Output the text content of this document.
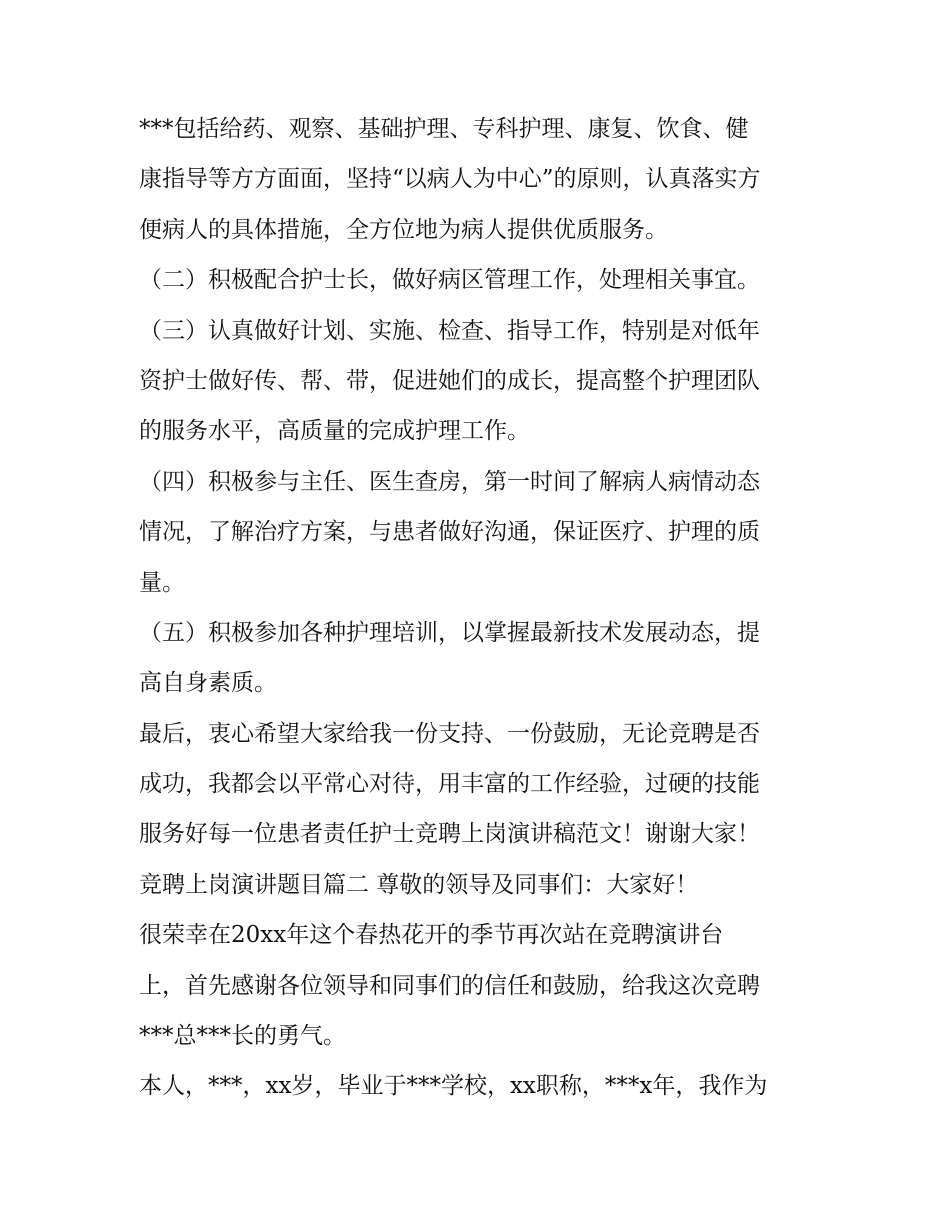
***包括给药、观察、基础护理、专科护理、康复、饮食、健
康指导等方方面面，坚持“以病人为中心”的原则，认真落实方
便病人的具体措施，全方位地为病人提供优质服务。
（二）积极配合护士长，做好病区管理工作，处理相关事宜。
（三）认真做好计划、实施、检查、指导工作，特别是对低年
资护士做好传、帮、带，促进她们的成长，提高整个护理团队
的服务水平，高质量的完成护理工作。
（四）积极参与主任、医生查房，第一时间了解病人病情动态
情况，了解治疗方案，与患者做好沟通，保证医疗、护理的质
量。
（五）积极参加各种护理培训，以掌握最新技术发展动态，提
高自身素质。
最后，衷心希望大家给我一份支持、一份鼓励，无论竞聘是否
成功，我都会以平常心对待，用丰富的工作经验，过硬的技能
服务好每一位患者责任护士竞聘上岗演讲稿范文！谢谢大家！
竞聘上岗演讲题目篇二 尊敬的领导及同事们：大家好！
很荣幸在20xx年这个春热花开的季节再次站在竞聘演讲台
上，首先感谢各位领导和同事们的信任和鼓励，给我这次竞聘
***总***长的勇气。
本人，***，xx岁，毕业于***学校，xx职称，***x年，我作为
